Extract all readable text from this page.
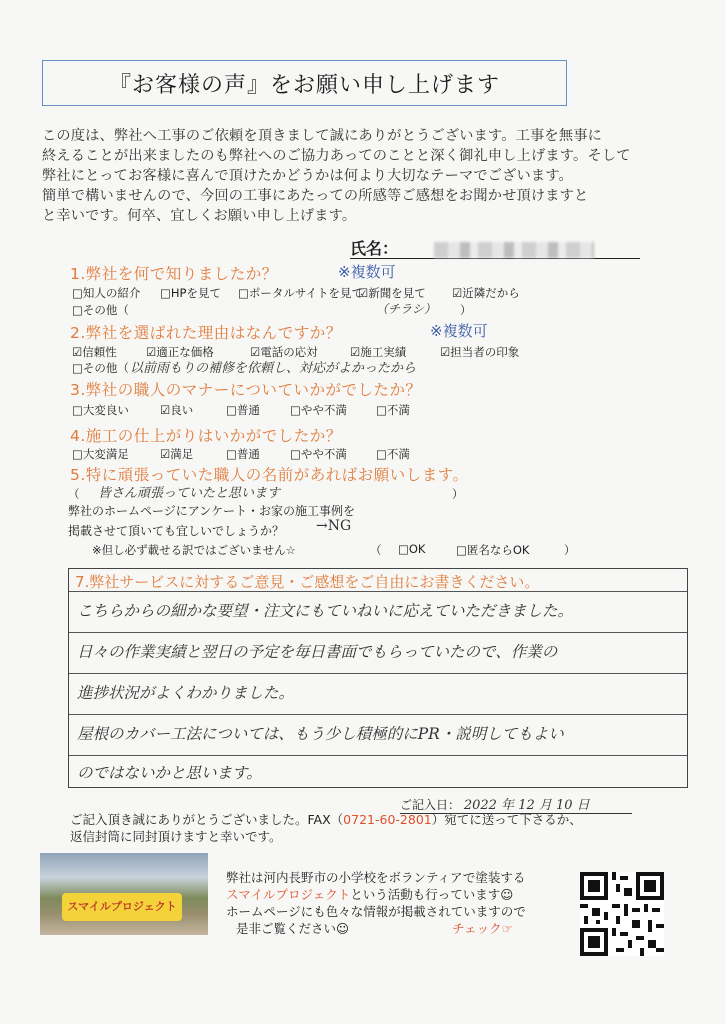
『お客様の声』をお願い申し上げます
この度は、弊社へ工事のご依頼を頂きまして誠にありがとうございます。工事を無事に
終えることが出来ましたのも弊社へのご協力あってのことと深く御礼申し上げます。そして
弊社にとってお客様に喜んで頂けたかどうかは何より大切なテーマでございます。
簡単で構いませんので、今回の工事にあたっての所感等ご感想をお聞かせ頂けますと
と幸いです。何卒、宜しくお願い申し上げます。
氏名：
1.弊社を何で知りましたか？	※複数可
□知人の紹介 □HPを見て □ポータルサイトを見て
☑新聞を見て ☑近隣だから
□その他（	（チラシ） ）
2.弊社を選ばれた理由はなんですか？	※複数可
☑信頼性	☑適正な価格	☑電話の応対	☑施工実績	☑担当者の印象
□その他（ 以前雨もりの補修を依頼し、対応がよかったから
3.弊社の職人のマナーについていかがでしたか？
□大変良い	☑良い	□普通	□やや不満	□不満
4.施工の仕上がりはいかがでしたか？
□大変満足	☑満足	□普通	□やや不満	□不満
5.特に頑張っていた職人の名前があればお願いします。
（ 皆さん頑張っていたと思います	）
弊社のホームページにアンケート・お家の施工事例を
掲載させて頂いても宜しいでしょうか？ →NG
※但し必ず載せる訳ではございません☆	（ □OK	□匿名ならOK	）
7.弊社サービスに対するご意見・ご感想をご自由にお書きください。
こちらからの細かな要望・注文にもていねいに応えていただきました。
日々の作業実績と翌日の予定を毎日書面でもらっていたので、作業の
進捗状況がよくわかりました。
屋根のカバー工法については、もう少し積極的にPR・説明してもよい
のではないかと思います。
ご記入日： 2022 年 12 月 10 日
ご記入頂き誠にありがとうございました。FAX（0721-60-2801）宛てに送って下さるか、
返信封筒に同封頂けますと幸いです。
スマイルプロジェクト
弊社は河内長野市の小学校をボランティアで塗装する
スマイルプロジェクトという活動も行っています☺
ホームページにも色々な情報が掲載されていますので
是非ご覧ください☺	チェック☞
